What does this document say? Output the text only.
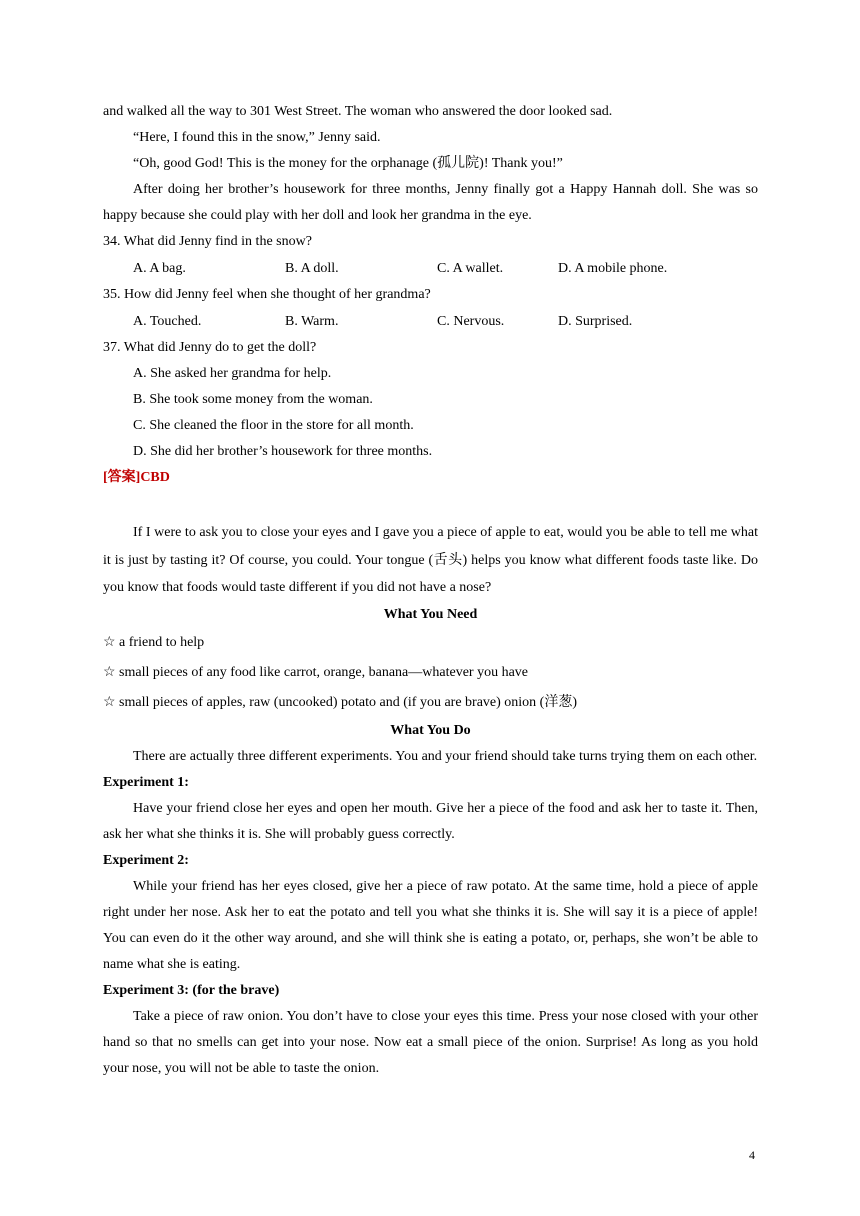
and walked all the way to 301 West Street. The woman who answered the door looked sad.

“Here, I found this in the snow,” Jenny said.

“Oh, good God! This is the money for the orphanage (孤儿院)! Thank you!”

After doing her brother’s housework for three months, Jenny finally got a Happy Hannah doll. She was so happy because she could play with her doll and look her grandma in the eye.

34. What did Jenny find in the snow?

A. A bag.	B. A doll.	C. A wallet.	D. A mobile phone.

35. How did Jenny feel when she thought of her grandma?

A. Touched.	B. Warm.	C. Nervous.	D. Surprised.

37. What did Jenny do to get the doll?

A. She asked her grandma for help.

B. She took some money from the woman.

C. She cleaned the floor in the store for all month.

D. She did her brother’s housework for three months.

[答案]CBD

If I were to ask you to close your eyes and I gave you a piece of apple to eat, would you be able to tell me what it is just by tasting it? Of course, you could. Your tongue (舌头) helps you know what different foods taste like. Do you know that foods would taste different if you did not have a nose?

What You Need

☆ a friend to help

☆ small pieces of any food like carrot, orange, banana—whatever you have

☆ small pieces of apples, raw (uncooked) potato and (if you are brave) onion (洋葱)

What You Do

There are actually three different experiments. You and your friend should take turns trying them on each other.

Experiment 1:

Have your friend close her eyes and open her mouth. Give her a piece of the food and ask her to taste it. Then, ask her what she thinks it is. She will probably guess correctly.

Experiment 2:

While your friend has her eyes closed, give her a piece of raw potato. At the same time, hold a piece of apple right under her nose. Ask her to eat the potato and tell you what she thinks it is. She will say it is a piece of apple! You can even do it the other way around, and she will think she is eating a potato, or, perhaps, she won’t be able to name what she is eating.

Experiment 3: (for the brave)

Take a piece of raw onion. You don’t have to close your eyes this time. Press your nose closed with your other hand so that no smells can get into your nose. Now eat a small piece of the onion. Surprise! As long as you hold your nose, you will not be able to taste the onion.

4
